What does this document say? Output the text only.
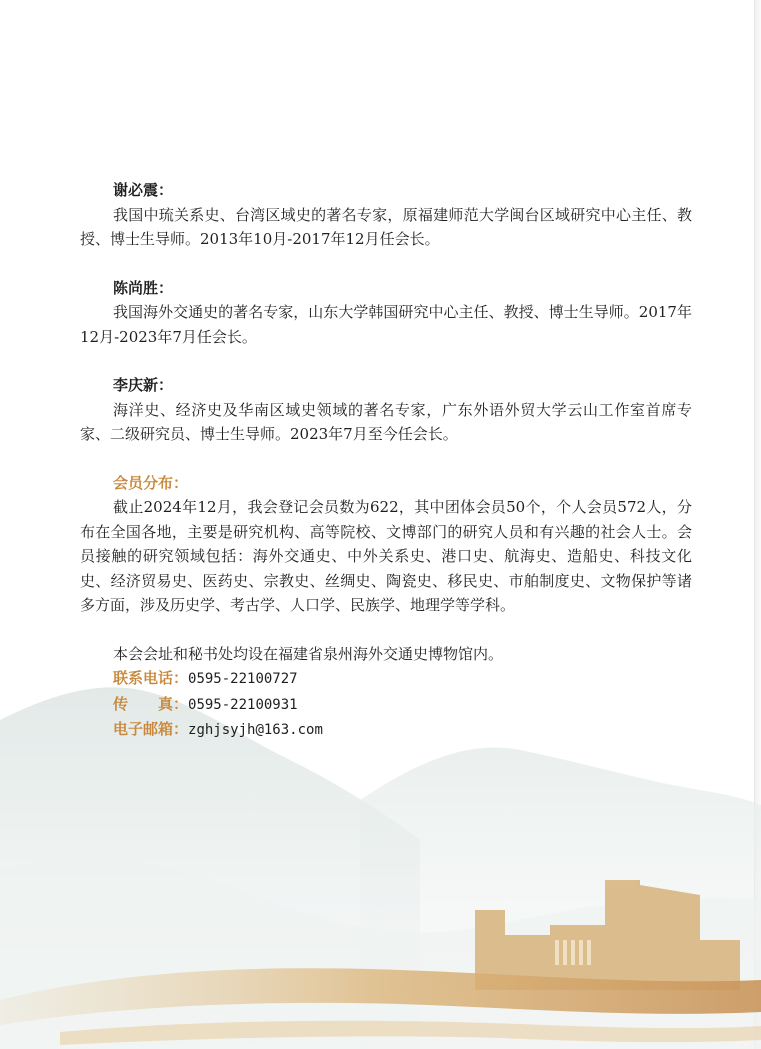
谢必震：
我国中琉关系史、台湾区域史的著名专家，原福建师范大学闽台区域研究中心主任、教授、博士生导师。2013年10月-2017年12月任会长。
陈尚胜：
我国海外交通史的著名专家，山东大学韩国研究中心主任、教授、博士生导师。2017年12月-2023年7月任会长。
李庆新：
海洋史、经济史及华南区域史领域的著名专家，广东外语外贸大学云山工作室首席专家、二级研究员、博士生导师。2023年7月至今任会长。
会员分布：
截止2024年12月，我会登记会员数为622，其中团体会员50个，个人会员572人，分布在全国各地，主要是研究机构、高等院校、文博部门的研究人员和有兴趣的社会人士。会员接触的研究领域包括：海外交通史、中外关系史、港口史、航海史、造船史、科技文化史、经济贸易史、医药史、宗教史、丝绸史、陶瓷史、移民史、市舶制度史、文物保护等诸多方面，涉及历史学、考古学、人口学、民族学、地理学等学科。
本会会址和秘书处均设在福建省泉州海外交通史博物馆内。
联系电话：0595-22100727
传　　真：0595-22100931
电子邮箱：zghjsyjh@163.com
